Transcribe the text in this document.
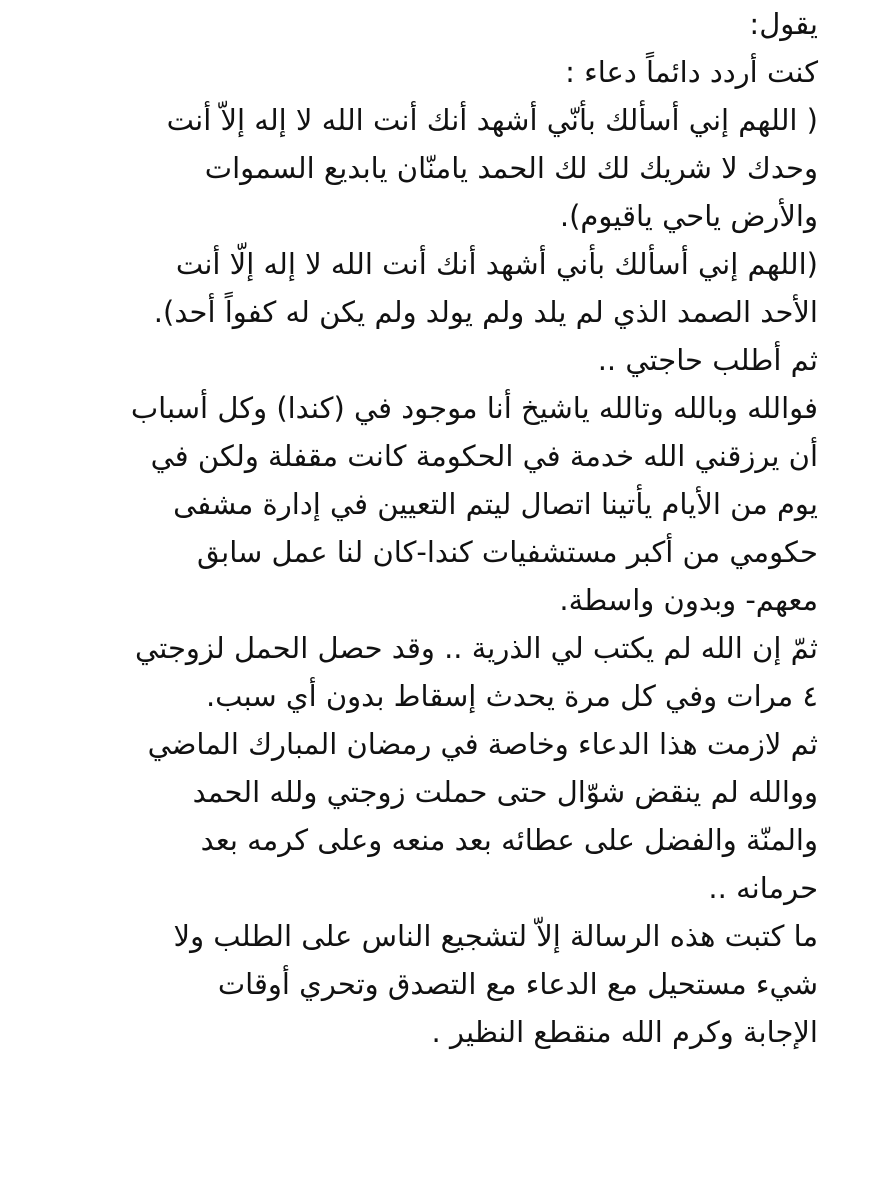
يقول:
كنت أردد دائماً دعاء :
( اللهم إني أسألك بأنّي أشهد أنك أنت الله لا إله إلاّ أنت
وحدك لا شريك لك لك الحمد يامنّان يابديع السموات
والأرض ياحي ياقيوم).
(اللهم إني أسألك بأني أشهد أنك أنت الله لا إله إلّا أنت
الأحد الصمد الذي لم يلد ولم يولد ولم يكن له كفواً أحد).
ثم أطلب حاجتي ..
فوالله وبالله وتالله ياشيخ أنا موجود في (كندا) وكل أسباب
أن يرزقني الله خدمة في الحكومة كانت مقفلة ولكن في
يوم من الأيام يأتينا اتصال ليتم التعيين في إدارة مشفى
حكومي من أكبر مستشفيات كندا-كان لنا عمل سابق
معهم- وبدون واسطة.
ثمّ إن الله لم يكتب لي الذرية .. وقد حصل الحمل لزوجتي
٤ مرات وفي كل مرة يحدث إسقاط بدون أي سبب.
ثم لازمت هذا الدعاء وخاصة في رمضان المبارك الماضي
ووالله لم ينقض شوّال حتى حملت زوجتي ولله الحمد
والمنّة والفضل على عطائه بعد منعه وعلى كرمه بعد
حرمانه ..
ما كتبت هذه الرسالة إلاّ لتشجيع الناس على الطلب ولا
شيء مستحيل مع الدعاء مع التصدق وتحري أوقات
الإجابة وكرم الله منقطع النظير .
